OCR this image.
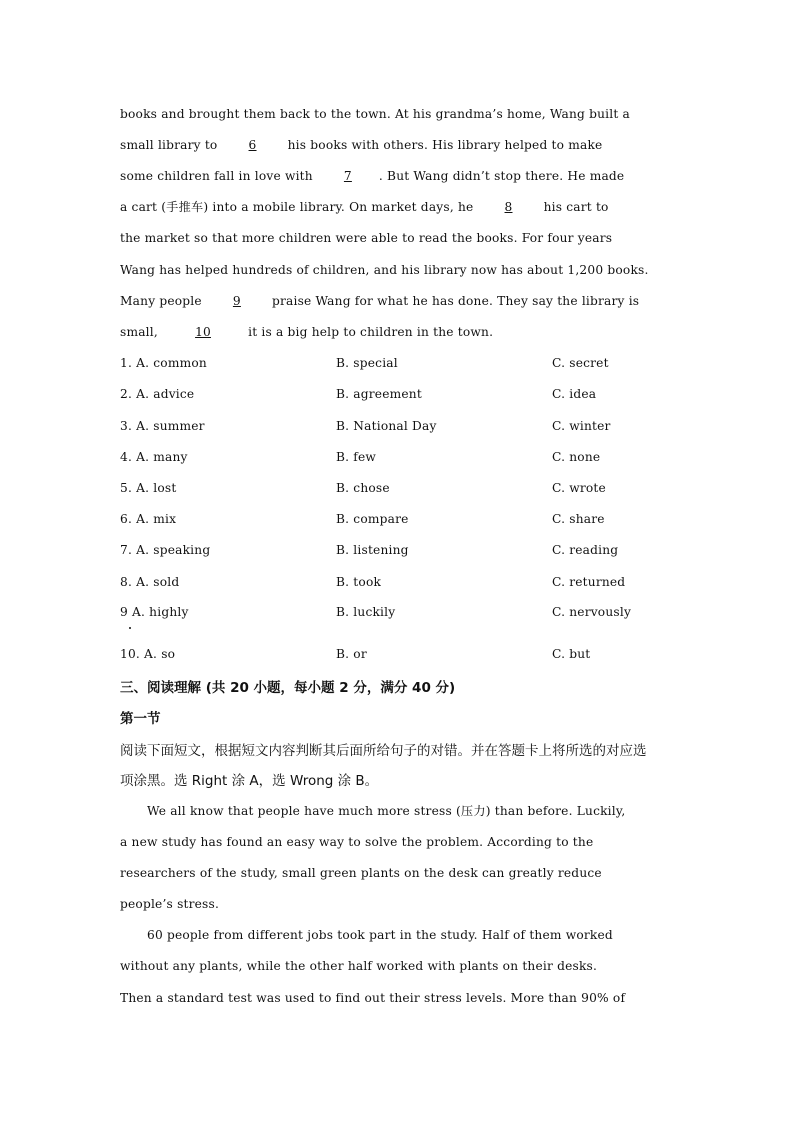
books and brought them back to the town. At his grandma’s home, Wang built a
small library to 6 his books with others. His library helped to make
some children fall in love with 7 . But Wang didn’t stop there. He made
a cart (手推车) into a mobile library. On market days, he 8 his cart to
the market so that more children were able to read the books. For four years
Wang has helped hundreds of children, and his library now has about 1,200 books.
Many people 9 praise Wang for what he has done. They say the library is
small,	10	it is a big help to children in the town.
1. A. common	B. special	C. secret
2. A. advice	B. agreement	C. idea
3. A. summer	B. National Day	C. winter
4. A. many	B. few	C. none
5. A. lost	B. chose	C. wrote
6. A. mix	B. compare	C. share
7. A. speaking	B. listening	C. reading
8. A. sold	B. took	C. returned
9 A. highly	B. luckily	C. nervously
10. A. so	B. or	C. but
三、阅读理解 (共 20 小题，每小题 2 分，满分 40 分)
第一节
阅读下面短文，根据短文内容判断其后面所给句子的对错。并在答题卡上将所选的对应选
项涂黑。选 Right 涂 A，选 Wrong 涂 B。
We all know that people have much more stress (压力) than before. Luckily,
a new study has found an easy way to solve the problem. According to the
researchers of the study, small green plants on the desk can greatly reduce
people’s stress.
60 people from different jobs took part in the study. Half of them worked
without any plants, while the other half worked with plants on their desks.
Then a standard test was used to find out their stress levels. More than 90% of
